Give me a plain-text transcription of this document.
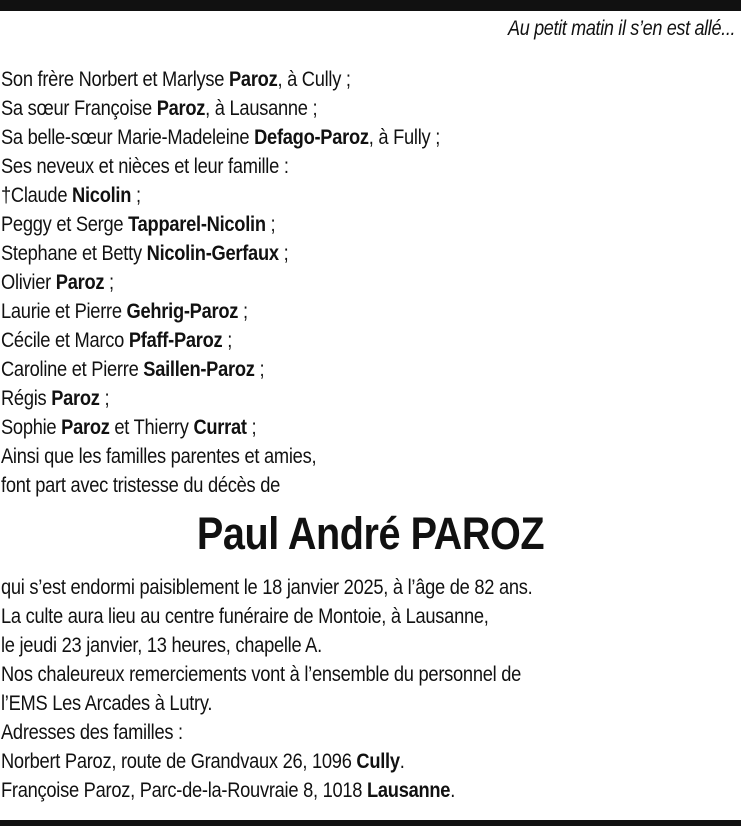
Au petit matin il s’en est allé...
Son frère Norbert et Marlyse Paroz, à Cully ;
Sa sœur Françoise Paroz, à Lausanne ;
Sa belle-sœur Marie-Madeleine Defago-Paroz, à Fully ;
Ses neveux et nièces et leur famille :
†Claude Nicolin ;
Peggy et Serge Tapparel-Nicolin ;
Stephane et Betty Nicolin-Gerfaux ;
Olivier Paroz ;
Laurie et Pierre Gehrig-Paroz ;
Cécile et Marco Pfaff-Paroz ;
Caroline et Pierre Saillen-Paroz ;
Régis Paroz ;
Sophie Paroz et Thierry Currat ;
Ainsi que les familles parentes et amies,
font part avec tristesse du décès de
Paul André PAROZ
qui s’est endormi paisiblement le 18 janvier 2025, à l’âge de 82 ans.
La culte aura lieu au centre funéraire de Montoie, à Lausanne,
le jeudi 23 janvier, 13 heures, chapelle A.
Nos chaleureux remerciements vont à l’ensemble du personnel de
l’EMS Les Arcades à Lutry.
Adresses des familles :
Norbert Paroz, route de Grandvaux 26, 1096 Cully.
Françoise Paroz, Parc-de-la-Rouvraie 8, 1018 Lausanne.
